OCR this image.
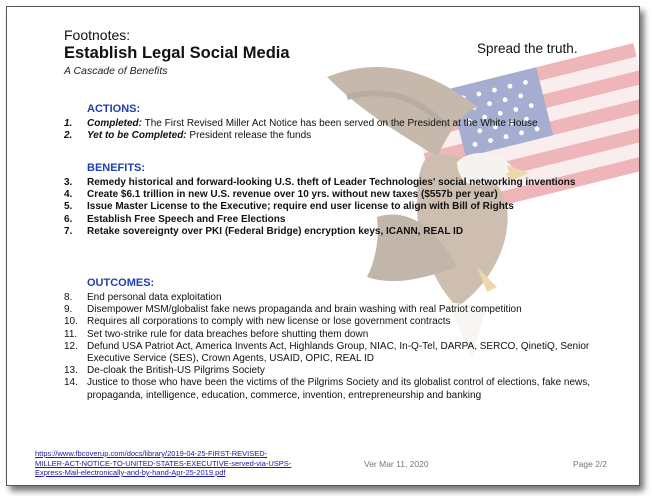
Footnotes:
Establish Legal Social Media
A Cascade of Benefits
Spread the truth.
ACTIONS:
1.	Completed: The First Revised Miller Act Notice has been served on the President at the White House
2.	Yet to be Completed: President release the funds
BENEFITS:
3.	Remedy historical and forward-looking U.S. theft of Leader Technologies' social networking inventions
4.	Create $6.1 trillion in new U.S. revenue over 10 yrs. without new taxes ($557b per year)
5.	Issue Master License to the Executive; require end user license to align with Bill of Rights
6.	Establish Free Speech and Free Elections
7.	Retake sovereignty over PKI (Federal Bridge) encryption keys, ICANN, REAL ID
OUTCOMES:
8.	End personal data exploitation
9.	Disempower MSM/globalist fake news propaganda and brain washing with real Patriot competition
10. Requires all corporations to comply with new license or lose government contracts
11. Set two-strike rule for data breaches before shutting them down
12. Defund USA Patriot Act, America Invents Act, Highlands Group, NIAC, In-Q-Tel, DARPA, SERCO, QinetiQ, Senior Executive Service (SES), Crown Agents, USAID, OPIC, REAL ID
13. De-cloak the British-US Pilgrims Society
14. Justice to those who have been the victims of the Pilgrims Society and its globalist control of elections, fake news, propaganda, intelligence, education, commerce, invention, entrepreneurship and banking
https://www.fbcoverup.com/docs/library/2019-04-25-FIRST-REVISED-
MILLER-ACT-NOTICE-TO-UNITED-STATES-EXECUTIVE-served-via-USPS-
Express-Mail-electronically-and-by-hand-Apr-25-2019.pdf
Ver Mar 11, 2020	Page 2/2
